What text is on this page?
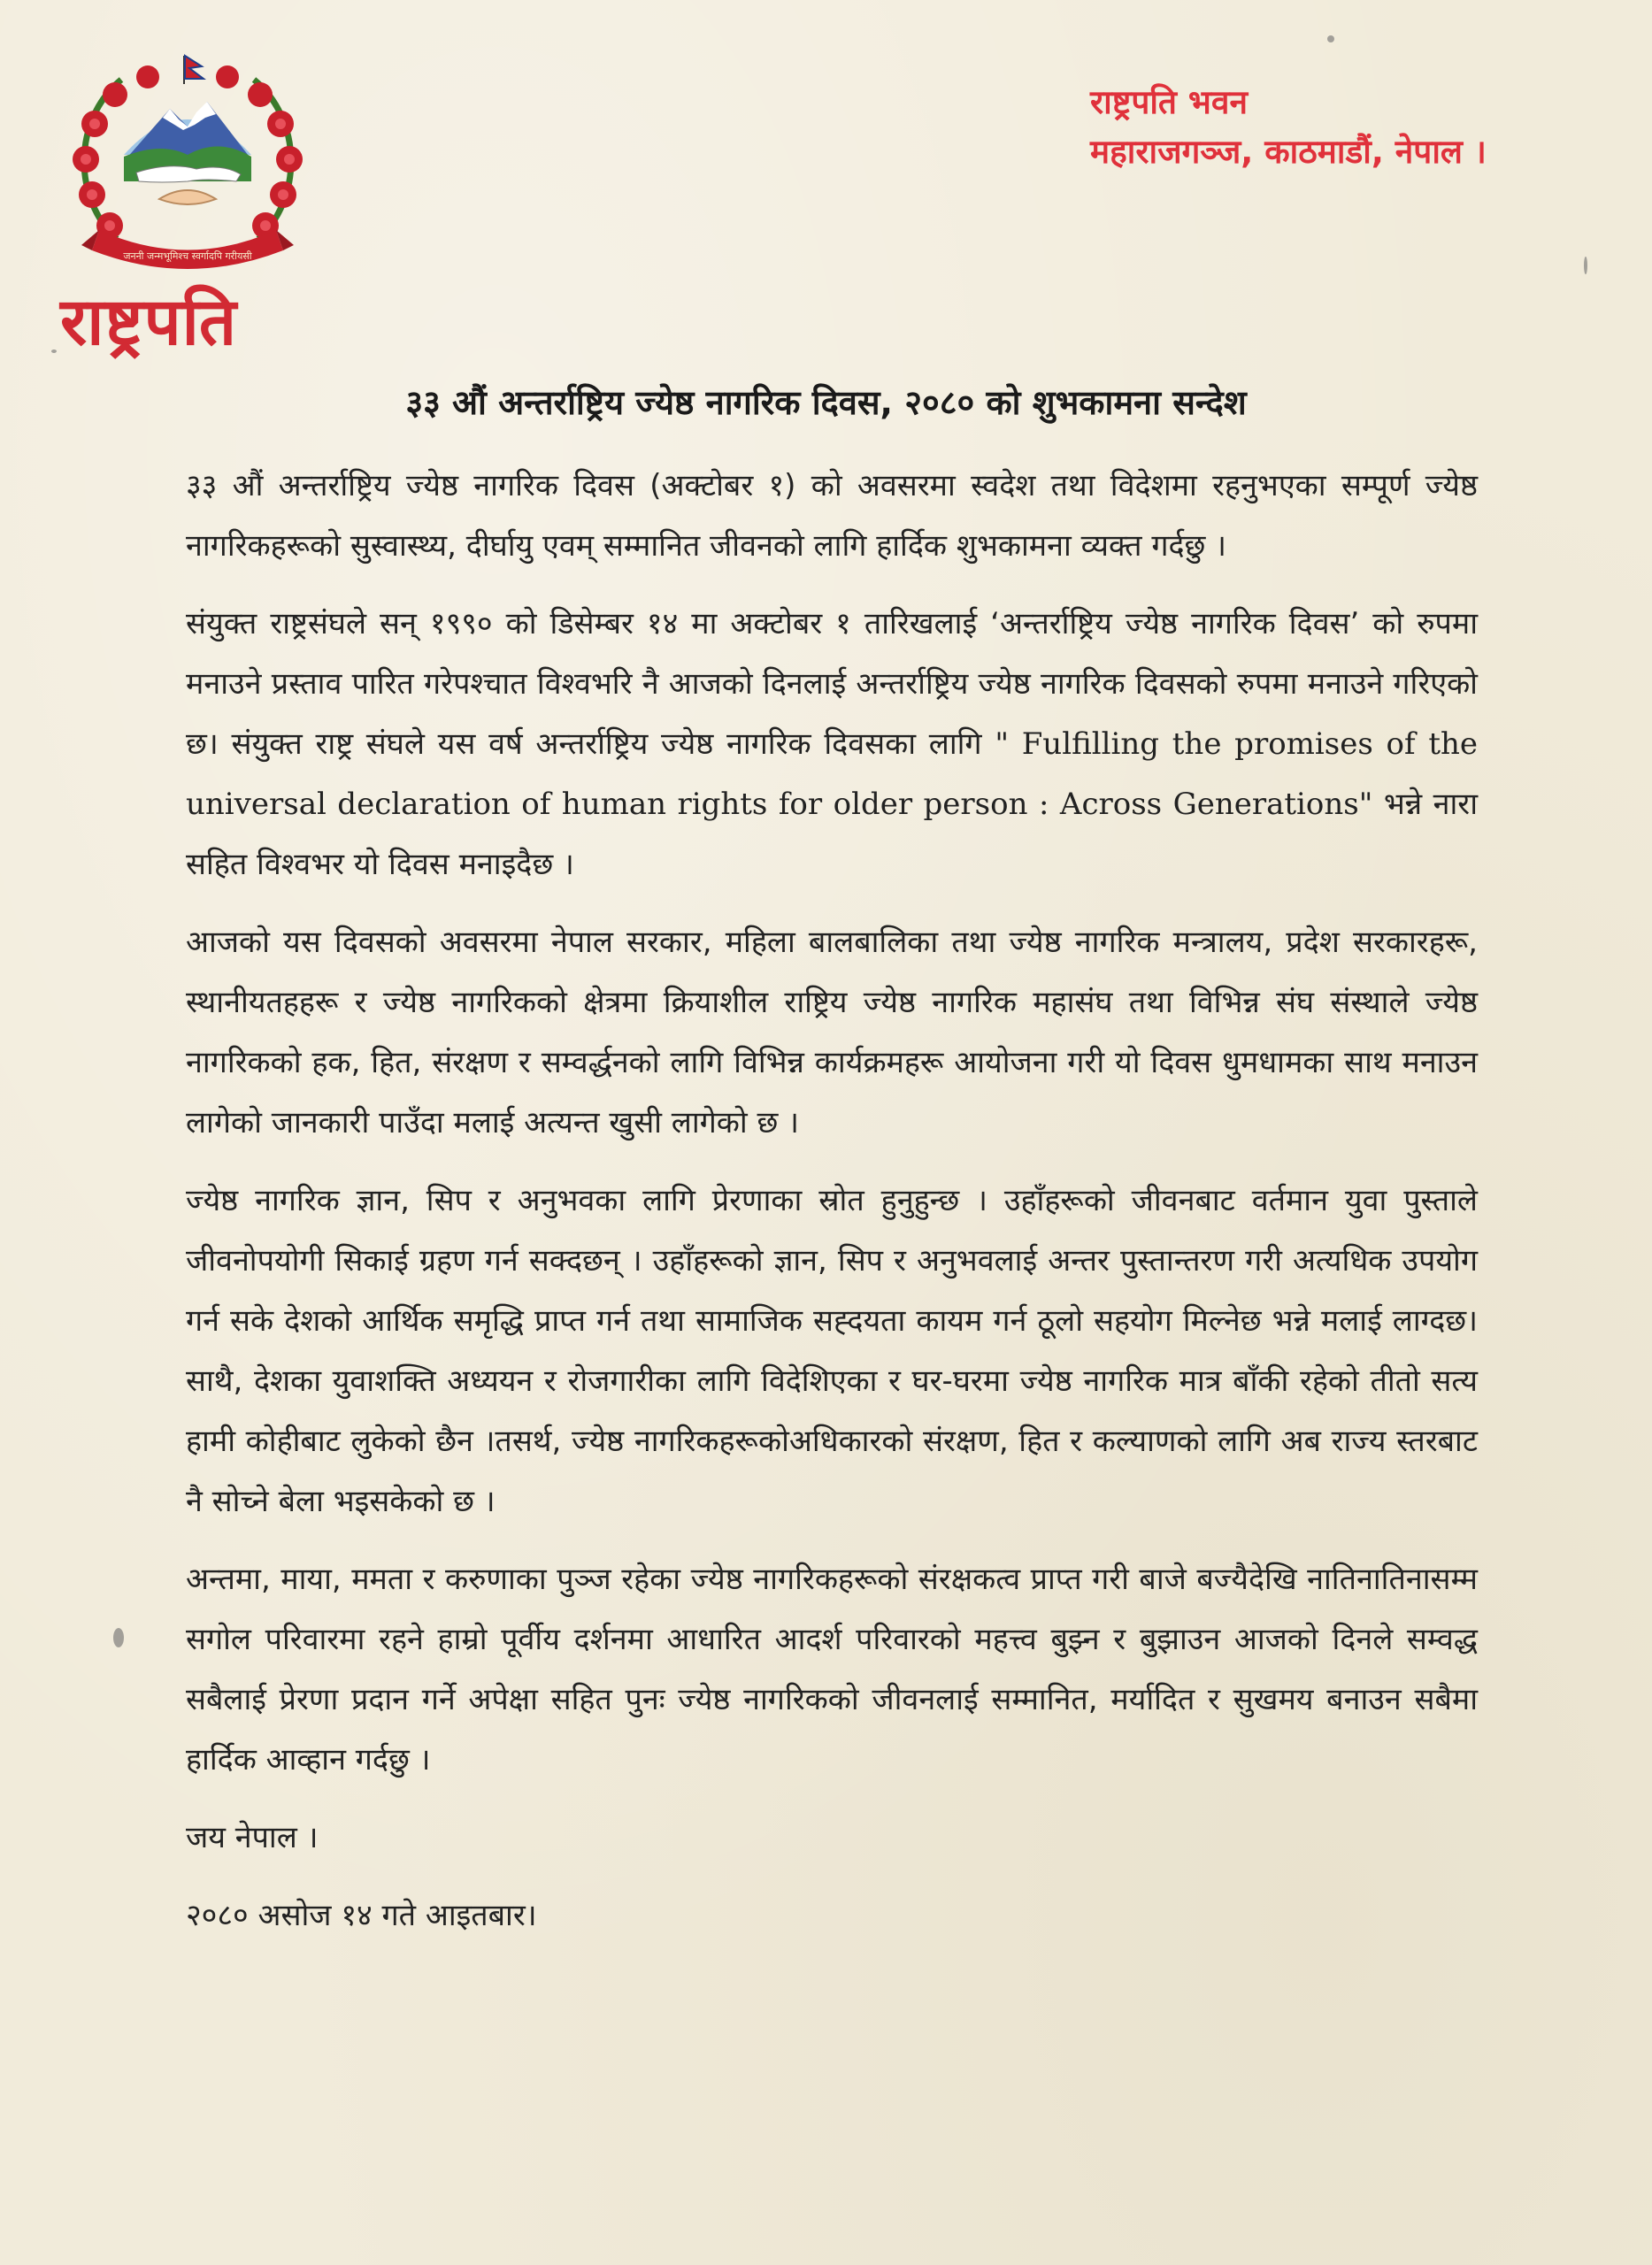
जननी जन्मभूमिश्च स्वर्गादपि गरीयसी
राष्ट्रपति
राष्ट्रपति भवन
महाराजगञ्ज, काठमाडौं, नेपाल ।
३३ औं अन्तर्राष्ट्रिय ज्येष्ठ नागरिक दिवस, २०८० को शुभकामना सन्देश

३३ औं अन्तर्राष्ट्रिय ज्येष्ठ नागरिक दिवस (अक्टोबर १) को अवसरमा स्वदेश तथा विदेशमा रहनुभएका सम्पूर्ण ज्येष्ठ नागरिकहरूको सुस्वास्थ्य, दीर्घायु एवम् सम्मानित जीवनको लागि हार्दिक शुभकामना व्यक्त गर्दछु ।

संयुक्त राष्ट्रसंघले सन् १९९० को डिसेम्बर १४ मा अक्टोबर १ तारिखलाई ‘अन्तर्राष्ट्रिय ज्येष्ठ नागरिक दिवस’ को रुपमा मनाउने प्रस्ताव पारित गरेपश्चात विश्वभरि नै आजको दिनलाई अन्तर्राष्ट्रिय ज्येष्ठ नागरिक दिवसको रुपमा मनाउने गरिएको छ। संयुक्त राष्ट्र संघले यस वर्ष अन्तर्राष्ट्रिय ज्येष्ठ नागरिक दिवसका लागि " Fulfilling the promises of the universal declaration of human rights for older person : Across Generations" भन्ने नारा सहित विश्वभर यो दिवस मनाइदैछ ।

आजको यस दिवसको अवसरमा नेपाल सरकार, महिला बालबालिका तथा ज्येष्ठ नागरिक मन्त्रालय, प्रदेश सरकारहरू, स्थानीयतहहरू र ज्येष्ठ नागरिकको क्षेत्रमा क्रियाशील राष्ट्रिय ज्येष्ठ नागरिक महासंघ तथा विभिन्न संघ संस्थाले ज्येष्ठ नागरिकको हक, हित, संरक्षण र सम्वर्द्धनको लागि विभिन्न कार्यक्रमहरू आयोजना गरी यो दिवस धुमधामका साथ मनाउन लागेको जानकारी पाउँदा मलाई अत्यन्त खुसी लागेको छ ।

ज्येष्ठ नागरिक ज्ञान, सिप र अनुभवका लागि प्रेरणाका स्रोत हुनुहुन्छ । उहाँहरूको जीवनबाट वर्तमान युवा पुस्ताले जीवनोपयोगी सिकाई ग्रहण गर्न सक्दछन् । उहाँहरूको ज्ञान, सिप र अनुभवलाई अन्तर पुस्तान्तरण गरी अत्यधिक उपयोग गर्न सके देशको आर्थिक समृद्धि प्राप्त गर्न तथा सामाजिक सह्दयता कायम गर्न ठूलो सहयोग मिल्नेछ भन्ने मलाई लाग्दछ। साथै, देशका युवाशक्ति अध्ययन र रोजगारीका लागि विदेशिएका र घर-घरमा ज्येष्ठ नागरिक मात्र बाँकी रहेको तीतो सत्य हामी कोहीबाट लुकेको छैन ।तसर्थ, ज्येष्ठ नागरिकहरूकोअधिकारको संरक्षण, हित र कल्याणको लागि अब राज्य स्तरबाट नै सोच्ने बेला भइसकेको छ ।

अन्तमा, माया, ममता र करुणाका पुञ्ज रहेका ज्येष्ठ नागरिकहरूको संरक्षकत्व प्राप्त गरी बाजे बज्यैदेखि नातिनातिनासम्म सगोल परिवारमा रहने हाम्रो पूर्वीय दर्शनमा आधारित आदर्श परिवारको महत्त्व बुझ्न र बुझाउन आजको दिनले सम्वद्ध सबैलाई प्रेरणा प्रदान गर्ने अपेक्षा सहित पुनः ज्येष्ठ नागरिकको जीवनलाई सम्मानित, मर्यादित र सुखमय बनाउन सबैमा हार्दिक आव्हान गर्दछु ।

जय नेपाल ।

२०८० असोज १४ गते आइतबार।
